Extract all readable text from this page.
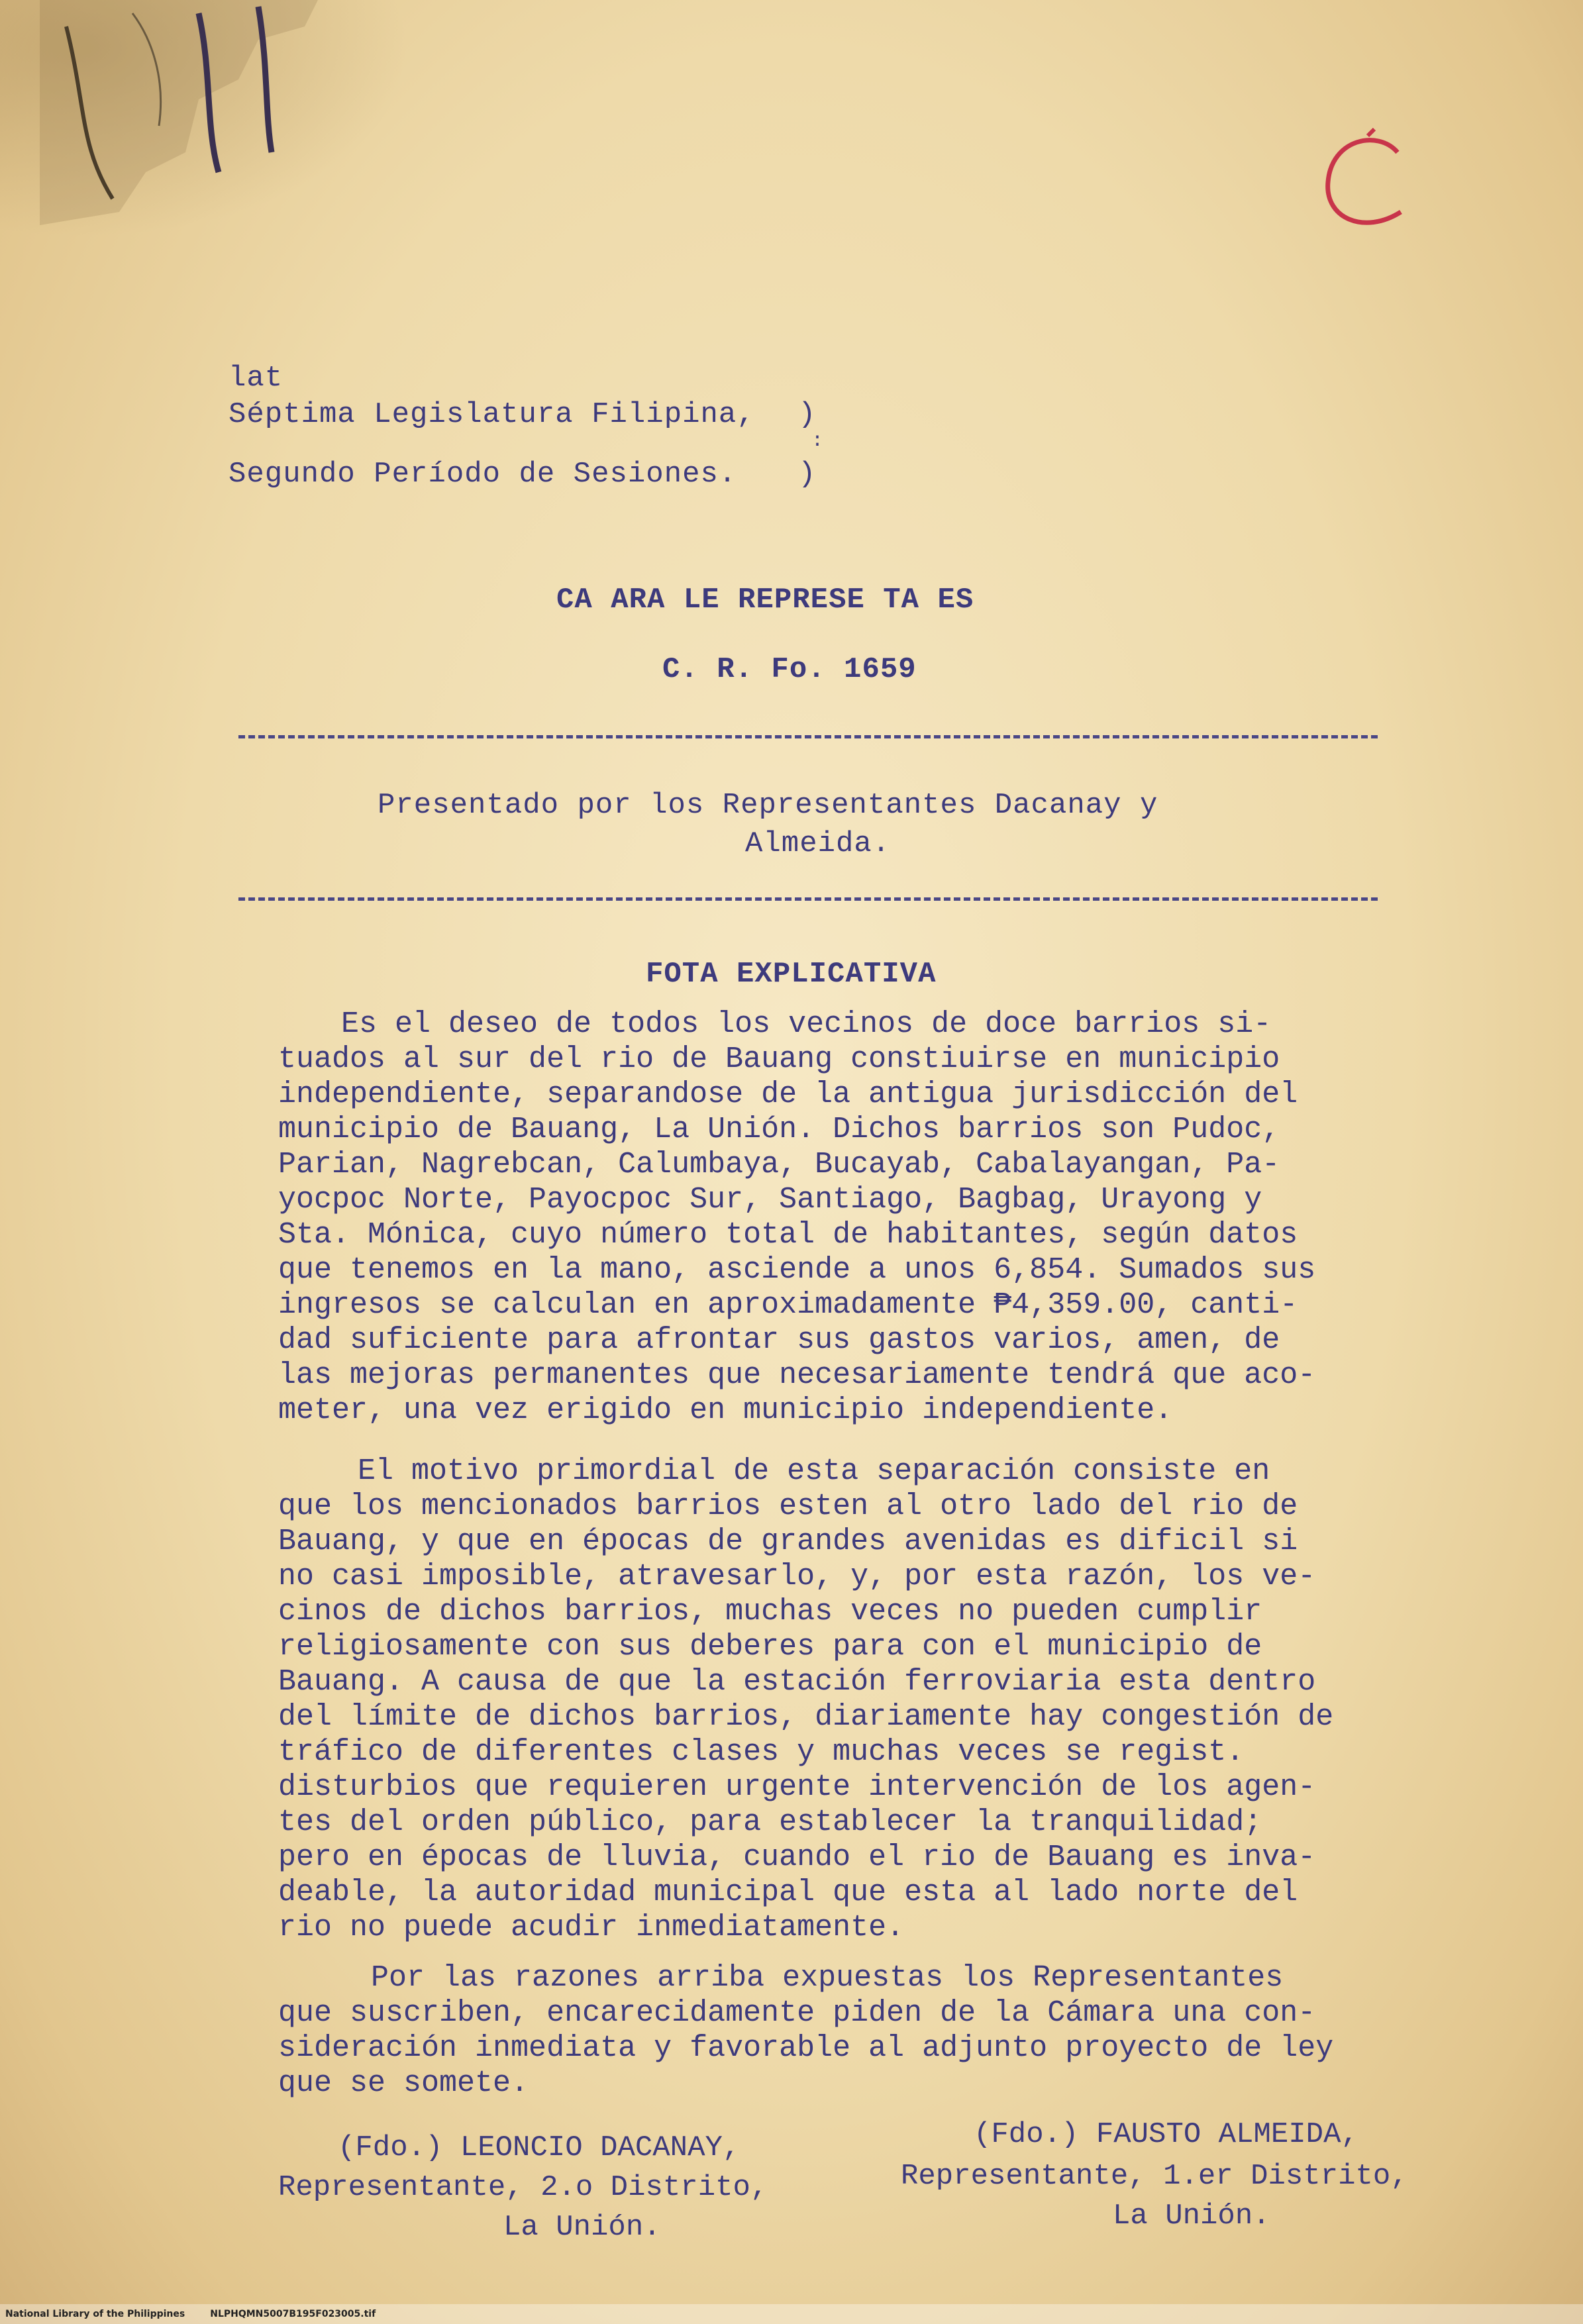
lat
Séptima Legislatura Filipina, )
Segundo Período de Sesiones. )
:
CA ARA LE REPRESE TA ES
C. R. Fo. 1659
Presentado por los Representantes Dacanay y
Almeida.
FOTA EXPLICATIVA
Es el deseo de todos los vecinos de doce barrios si-
tuados al sur del rio de Bauang constiuirse en municipio
independiente, separandose de la antigua jurisdicción del
municipio de Bauang, La Unión. Dichos barrios son Pudoc,
Parian, Nagrebcan, Calumbaya, Bucayab, Cabalayangan, Pa-
yocpoc Norte, Payocpoc Sur, Santiago, Bagbag, Urayong y
Sta. Mónica, cuyo número total de habitantes, según datos
que tenemos en la mano, asciende a unos 6,854. Sumados sus
ingresos se calculan en aproximadamente ₱4,359.00, canti-
dad suficiente para afrontar sus gastos varios, amen, de
las mejoras permanentes que necesariamente tendrá que aco-
meter, una vez erigido en municipio independiente.
El motivo primordial de esta separación consiste en
que los mencionados barrios esten al otro lado del rio de
Bauang, y que en épocas de grandes avenidas es dificil si
no casi imposible, atravesarlo, y, por esta razón, los ve-
cinos de dichos barrios, muchas veces no pueden cumplir
religiosamente con sus deberes para con el municipio de
Bauang. A causa de que la estación ferroviaria esta dentro
del límite de dichos barrios, diariamente hay congestión de
tráfico de diferentes clases y muchas veces se regist.
disturbios que requieren urgente intervención de los agen-
tes del orden público, para establecer la tranquilidad;
pero en épocas de lluvia, cuando el rio de Bauang es inva-
deable, la autoridad municipal que esta al lado norte del
rio no puede acudir inmediatamente.
Por las razones arriba expuestas los Representantes
que suscriben, encarecidamente piden de la Cámara una con-
sideración inmediata y favorable al adjunto proyecto de ley
que se somete.
(Fdo.) LEONCIO DACANAY,
Representante, 2.o Distrito,
La Unión.
(Fdo.) FAUSTO ALMEIDA,
Representante, 1.er Distrito,
La Unión.
National Library of the Philippines	NLPHQMN5007B195F023005.tif
